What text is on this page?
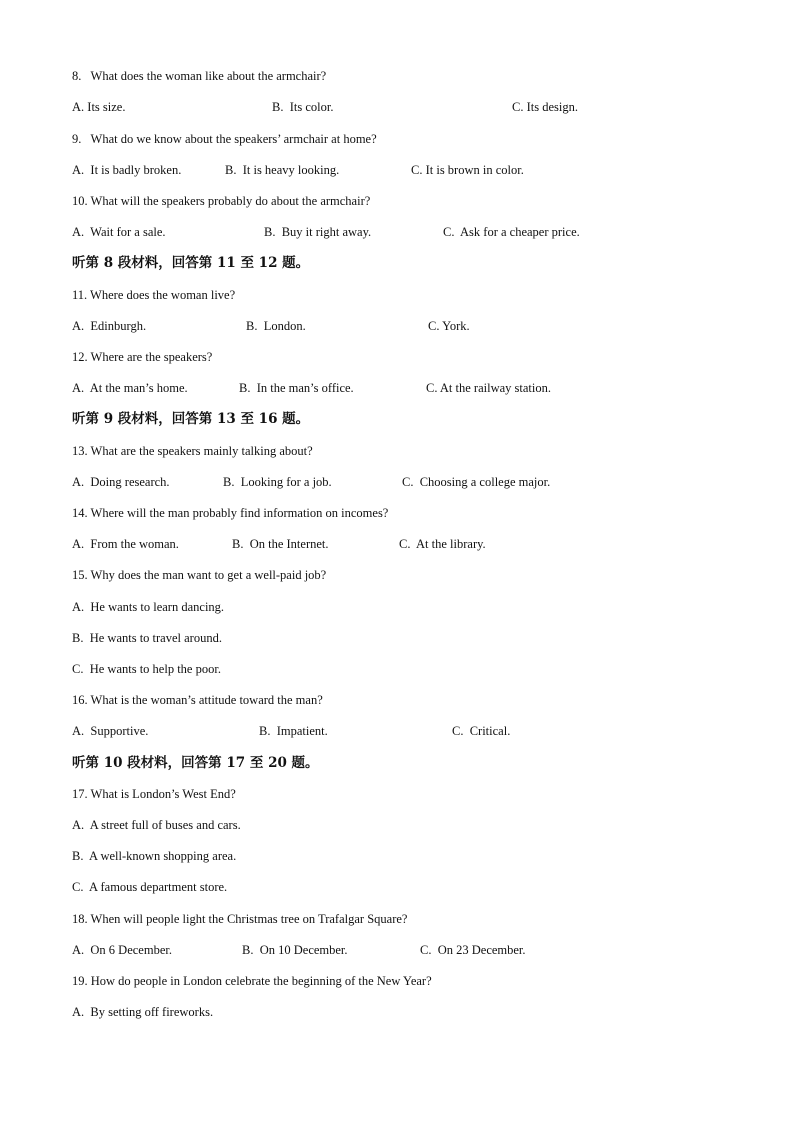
8.   What does the woman like about the armchair?
A. Its size.	B.  Its color.	C. Its design.
9.   What do we know about the speakers’ armchair at home?
A.  It is badly broken.	B.  It is heavy looking.	C. It is brown in color.
10. What will the speakers probably do about the armchair?
A.  Wait for a sale.	B.  Buy it right away.	C.  Ask for a cheaper price.
听第 8 段材料，回答第 11 至 12 题。
11. Where does the woman live?
A.  Edinburgh.	B.  London.	C. York.
12. Where are the speakers?
A.  At the man’s home.	B.  In the man’s office.	C. At the railway station.
听第 9 段材料，回答第 13 至 16 题。
13. What are the speakers mainly talking about?
A.  Doing research.	B.  Looking for a job.	C.  Choosing a college major.
14. Where will the man probably find information on incomes?
A.  From the woman.	B.  On the Internet.	C.  At the library.
15. Why does the man want to get a well-paid job?
A.  He wants to learn dancing.
B.  He wants to travel around.
C.  He wants to help the poor.
16. What is the woman’s attitude toward the man?
A.  Supportive.	B.  Impatient.	C.  Critical.
听第 10 段材料，回答第 17 至 20 题。
17. What is London’s West End?
A.  A street full of buses and cars.
B.  A well-known shopping area.
C.  A famous department store.
18. When will people light the Christmas tree on Trafalgar Square?
A.  On 6 December.	B.  On 10 December.	C.  On 23 December.
19. How do people in London celebrate the beginning of the New Year?
A.  By setting off fireworks.
